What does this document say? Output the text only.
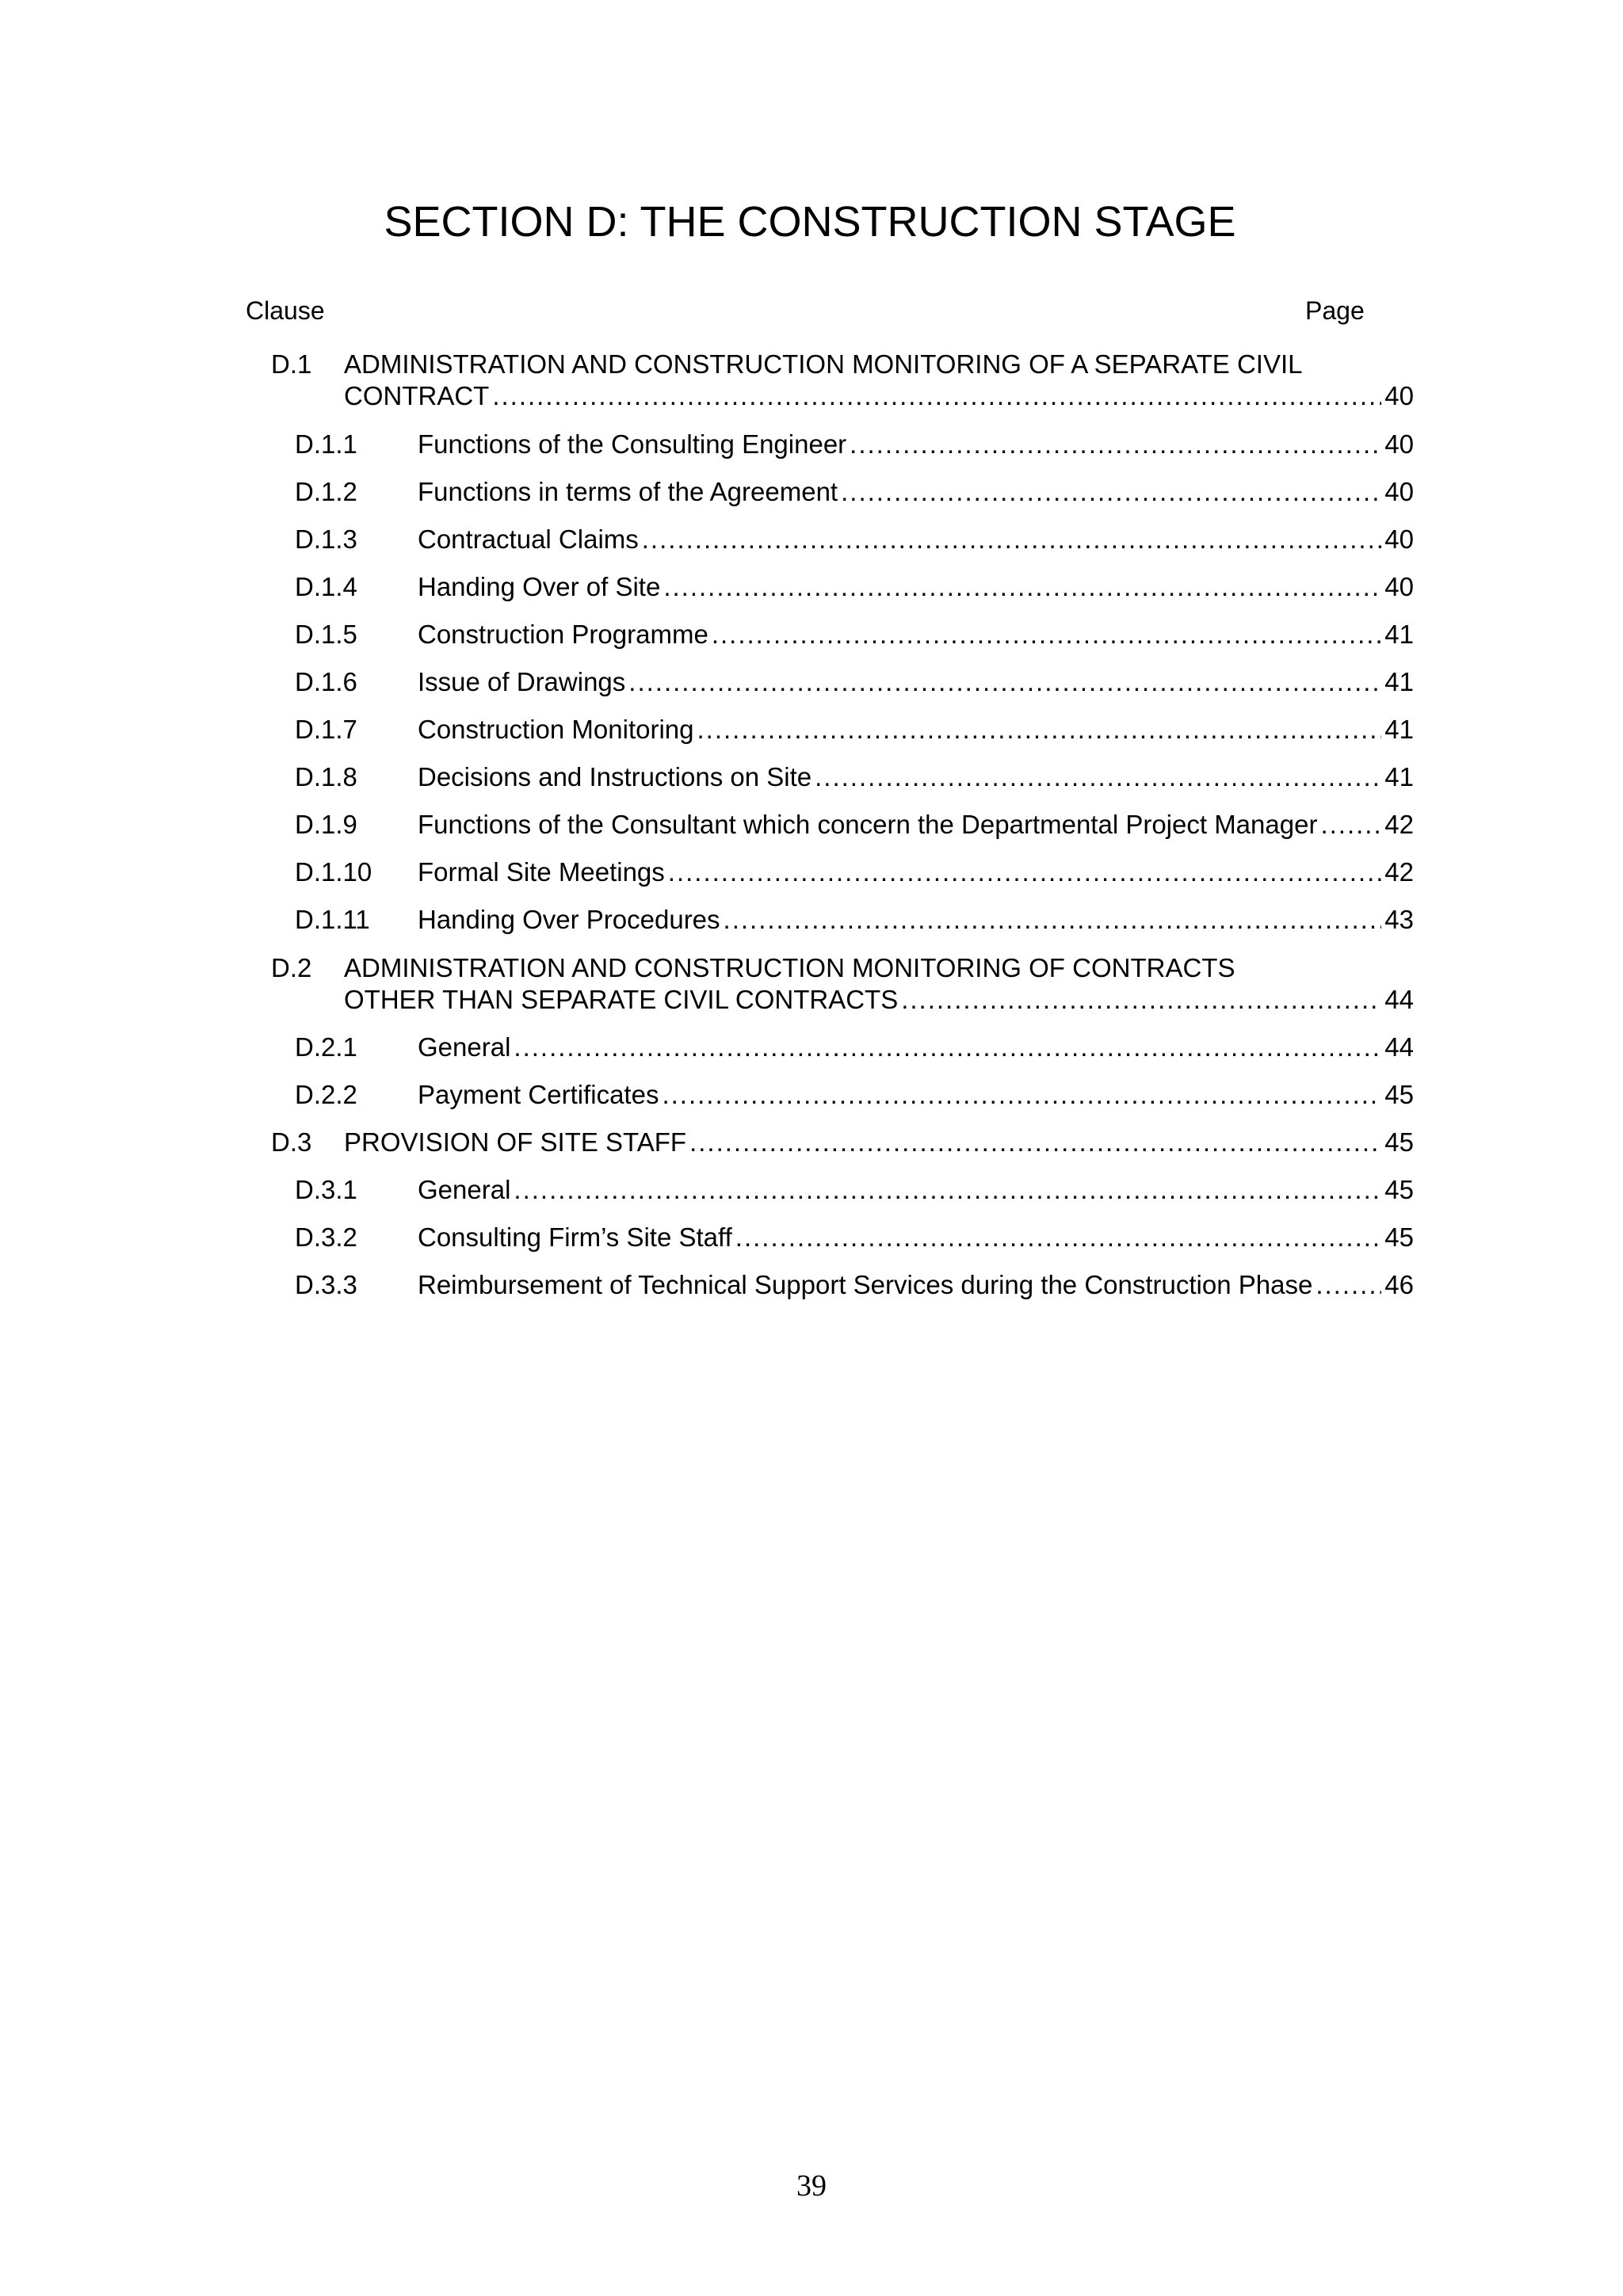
SECTION D: THE CONSTRUCTION STAGE
Clause	Page
D.1 ADMINISTRATION AND CONSTRUCTION MONITORING OF A SEPARATE CIVIL
CONTRACT .....	40
D.1.1 Functions of the Consulting Engineer .....	40
D.1.2 Functions in terms of the Agreement .....	40
D.1.3 Contractual Claims .....	40
D.1.4 Handing Over of Site .....	40
D.1.5 Construction Programme .....	41
D.1.6 Issue of Drawings .....	41
D.1.7 Construction Monitoring .....	41
D.1.8 Decisions and Instructions on Site .....	41
D.1.9 Functions of the Consultant which concern the Departmental Project Manager .....	42
D.1.10 Formal Site Meetings .....	42
D.1.11 Handing Over Procedures .....	43
D.2 ADMINISTRATION AND CONSTRUCTION MONITORING OF CONTRACTS
OTHER THAN SEPARATE CIVIL CONTRACTS .....	44
D.2.1 General .....	44
D.2.2 Payment Certificates .....	45
D.3 PROVISION OF SITE STAFF .....	45
D.3.1 General .....	45
D.3.2 Consulting Firm’s Site Staff .....	45
D.3.3 Reimbursement of Technical Support Services during the Construction Phase .....	46
39
